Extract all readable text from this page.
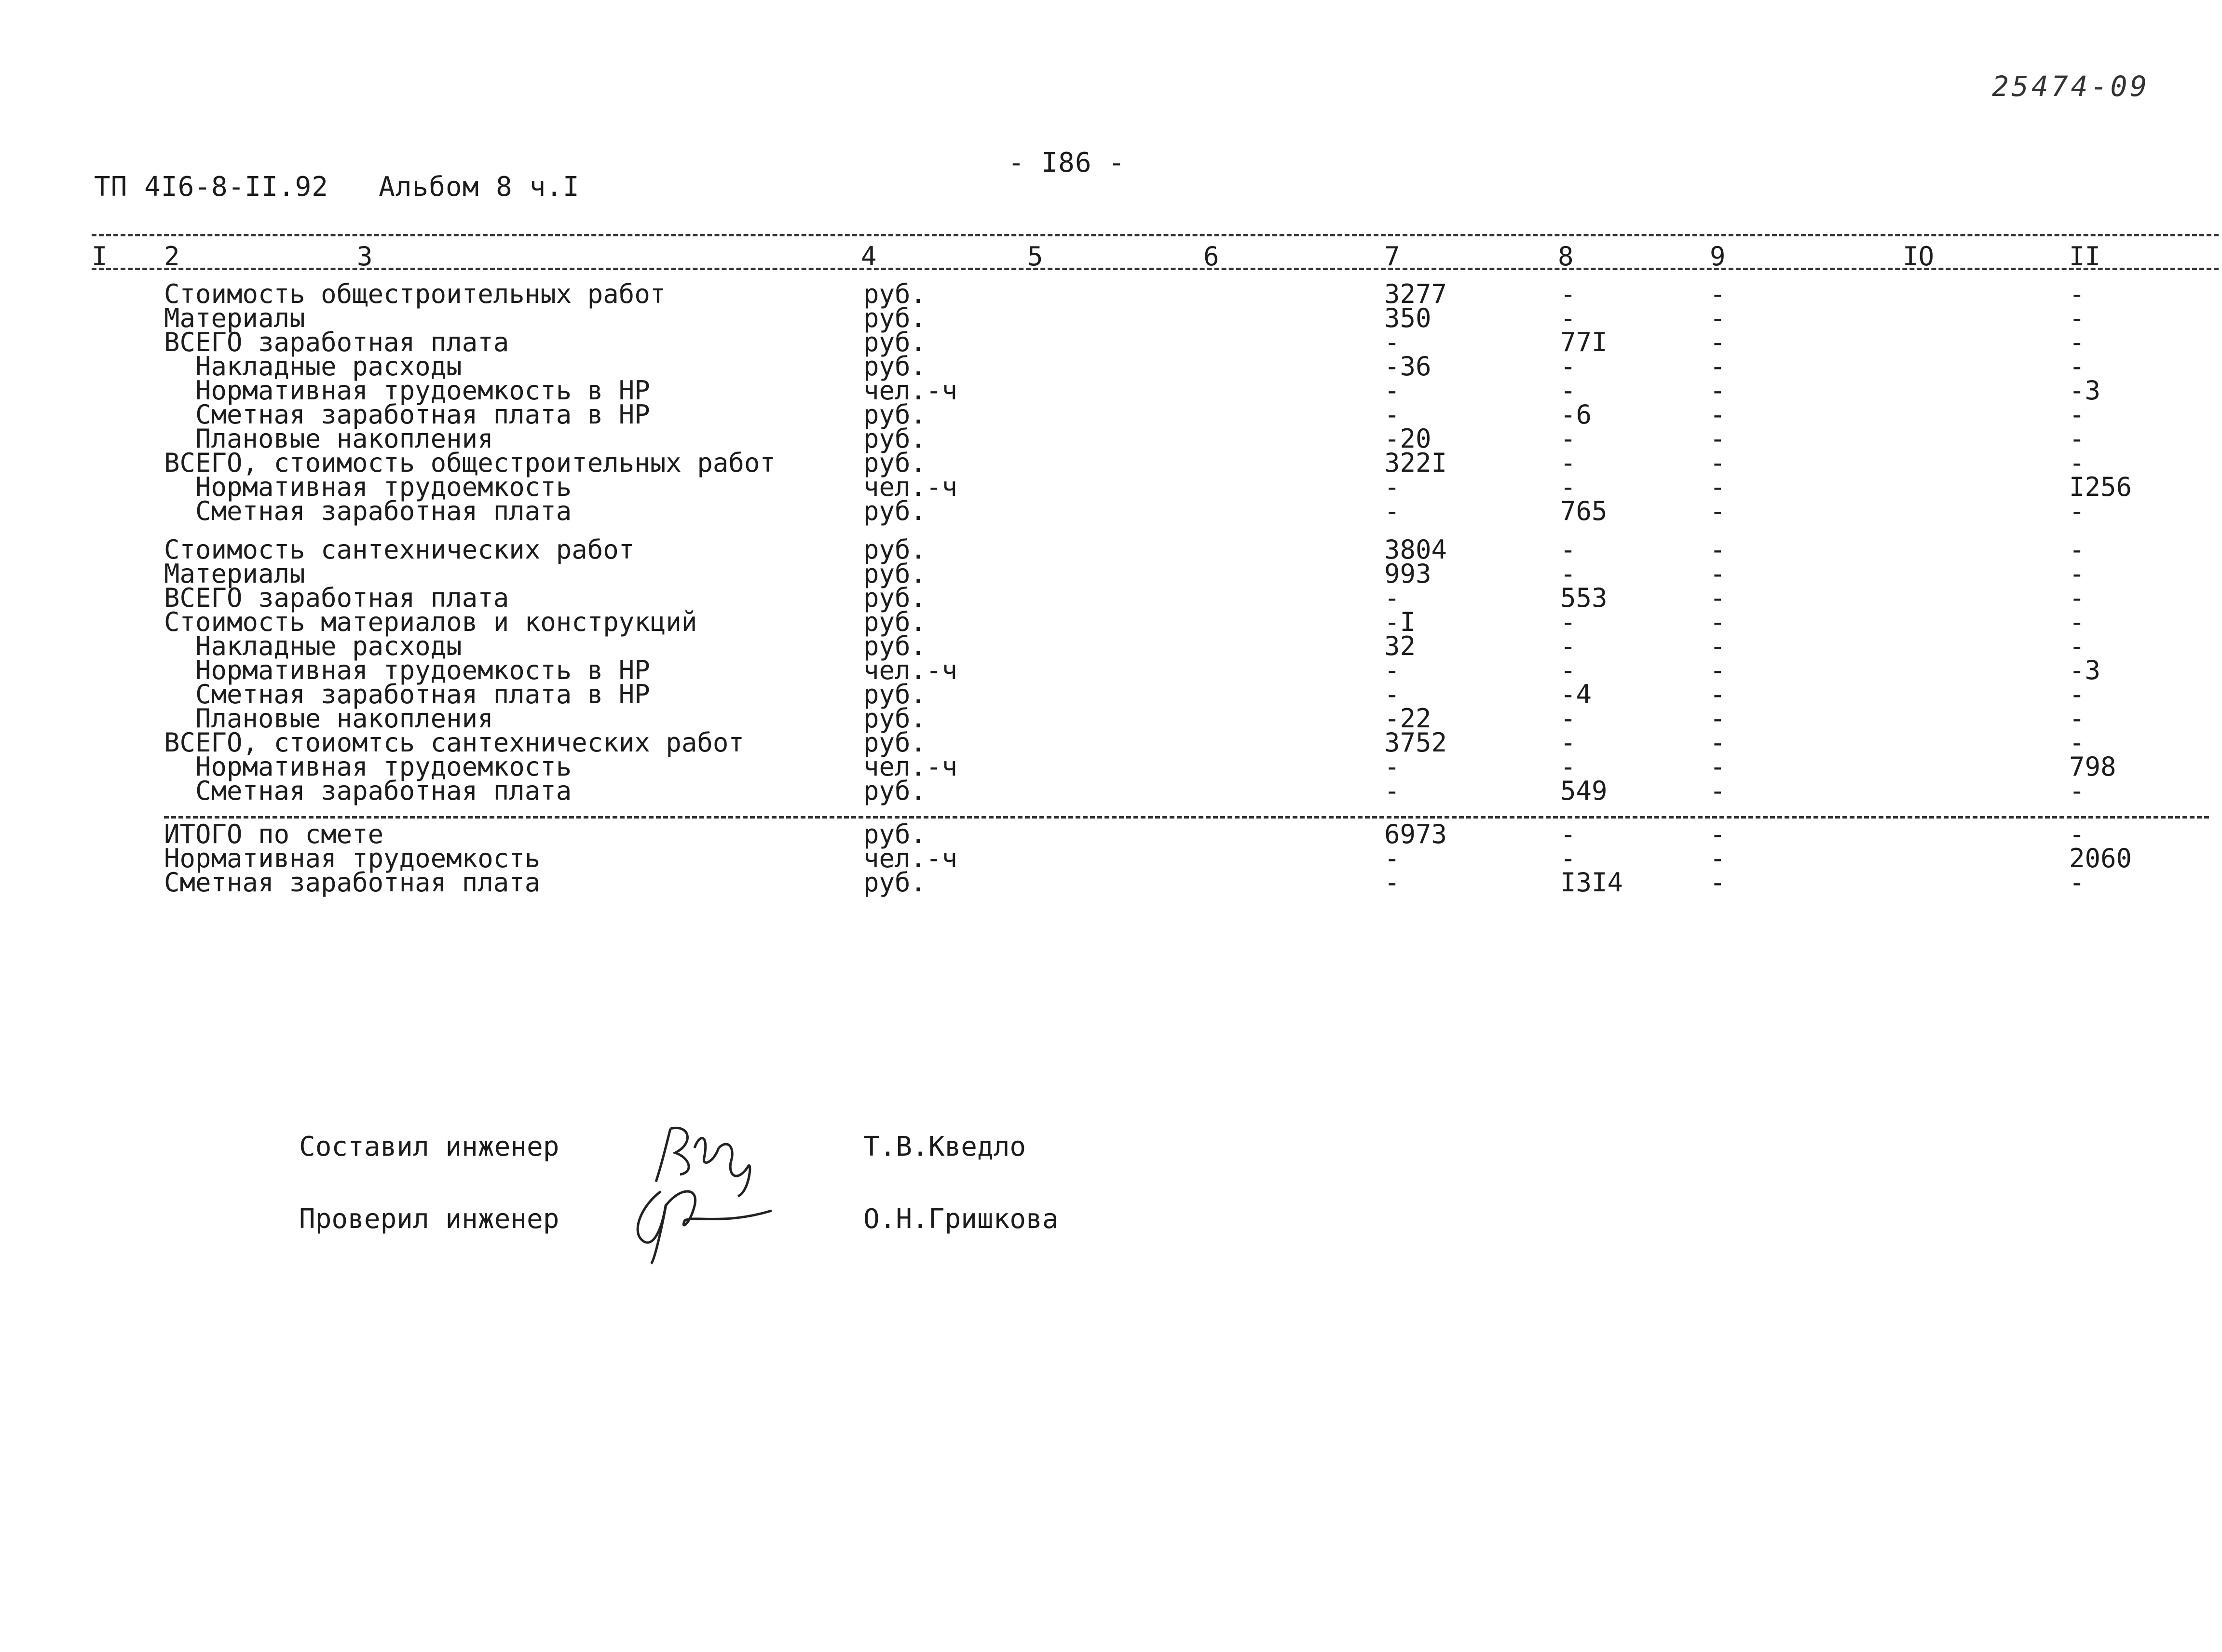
25474-09
- I86 -
ТП 4I6-8-II.92   Альбом 8 ч.I
I 2	3	4	5	6	7	8	9	IO	II
Стоимость общестроительных работ	руб.	3277	-	-	-
Материалы	руб.	350	-	-	-
ВСЕГО заработная плата	руб.	-	77I	-	-
Накладные расходы	руб.	-36	-	-	-
Нормативная трудоемкость в НР	чел.-ч	-	-	-	-3
Сметная заработная плата в НР	руб.	-	-6	-	-
Плановые накопления	руб.	-20	-	-	-
ВСЕГО, стоимость общестроительных работ	руб.	322I	-	-	-
Нормативная трудоемкость	чел.-ч	-	-	-	I256
Сметная заработная плата	руб.	-	765	-	-
Стоимость сантехнических работ	руб.	3804	-	-	-
Материалы	руб.	993	-	-	-
ВСЕГО заработная плата	руб.	-	553	-	-
Стоимость материалов и конструкций	руб.	-I	-	-	-
Накладные расходы	руб.	32	-	-	-
Нормативная трудоемкость в НР	чел.-ч	-	-	-	-3
Сметная заработная плата в НР	руб.	-	-4	-	-
Плановые накопления	руб.	-22	-	-	-
ВСЕГО, стоиомтсь сантехнических работ	руб.	3752	-	-	-
Нормативная трудоемкость	чел.-ч	-	-	-	798
Сметная заработная плата	руб.	-	549	-	-
ИТОГО по смете	руб.	6973	-	-	-
Нормативная трудоемкость	чел.-ч	-	-	-	2060
Сметная заработная плата	руб.	-	I3I4	-	-
Составил инженер	Т.В.Кведло
Проверил инженер	О.Н.Гришкова
